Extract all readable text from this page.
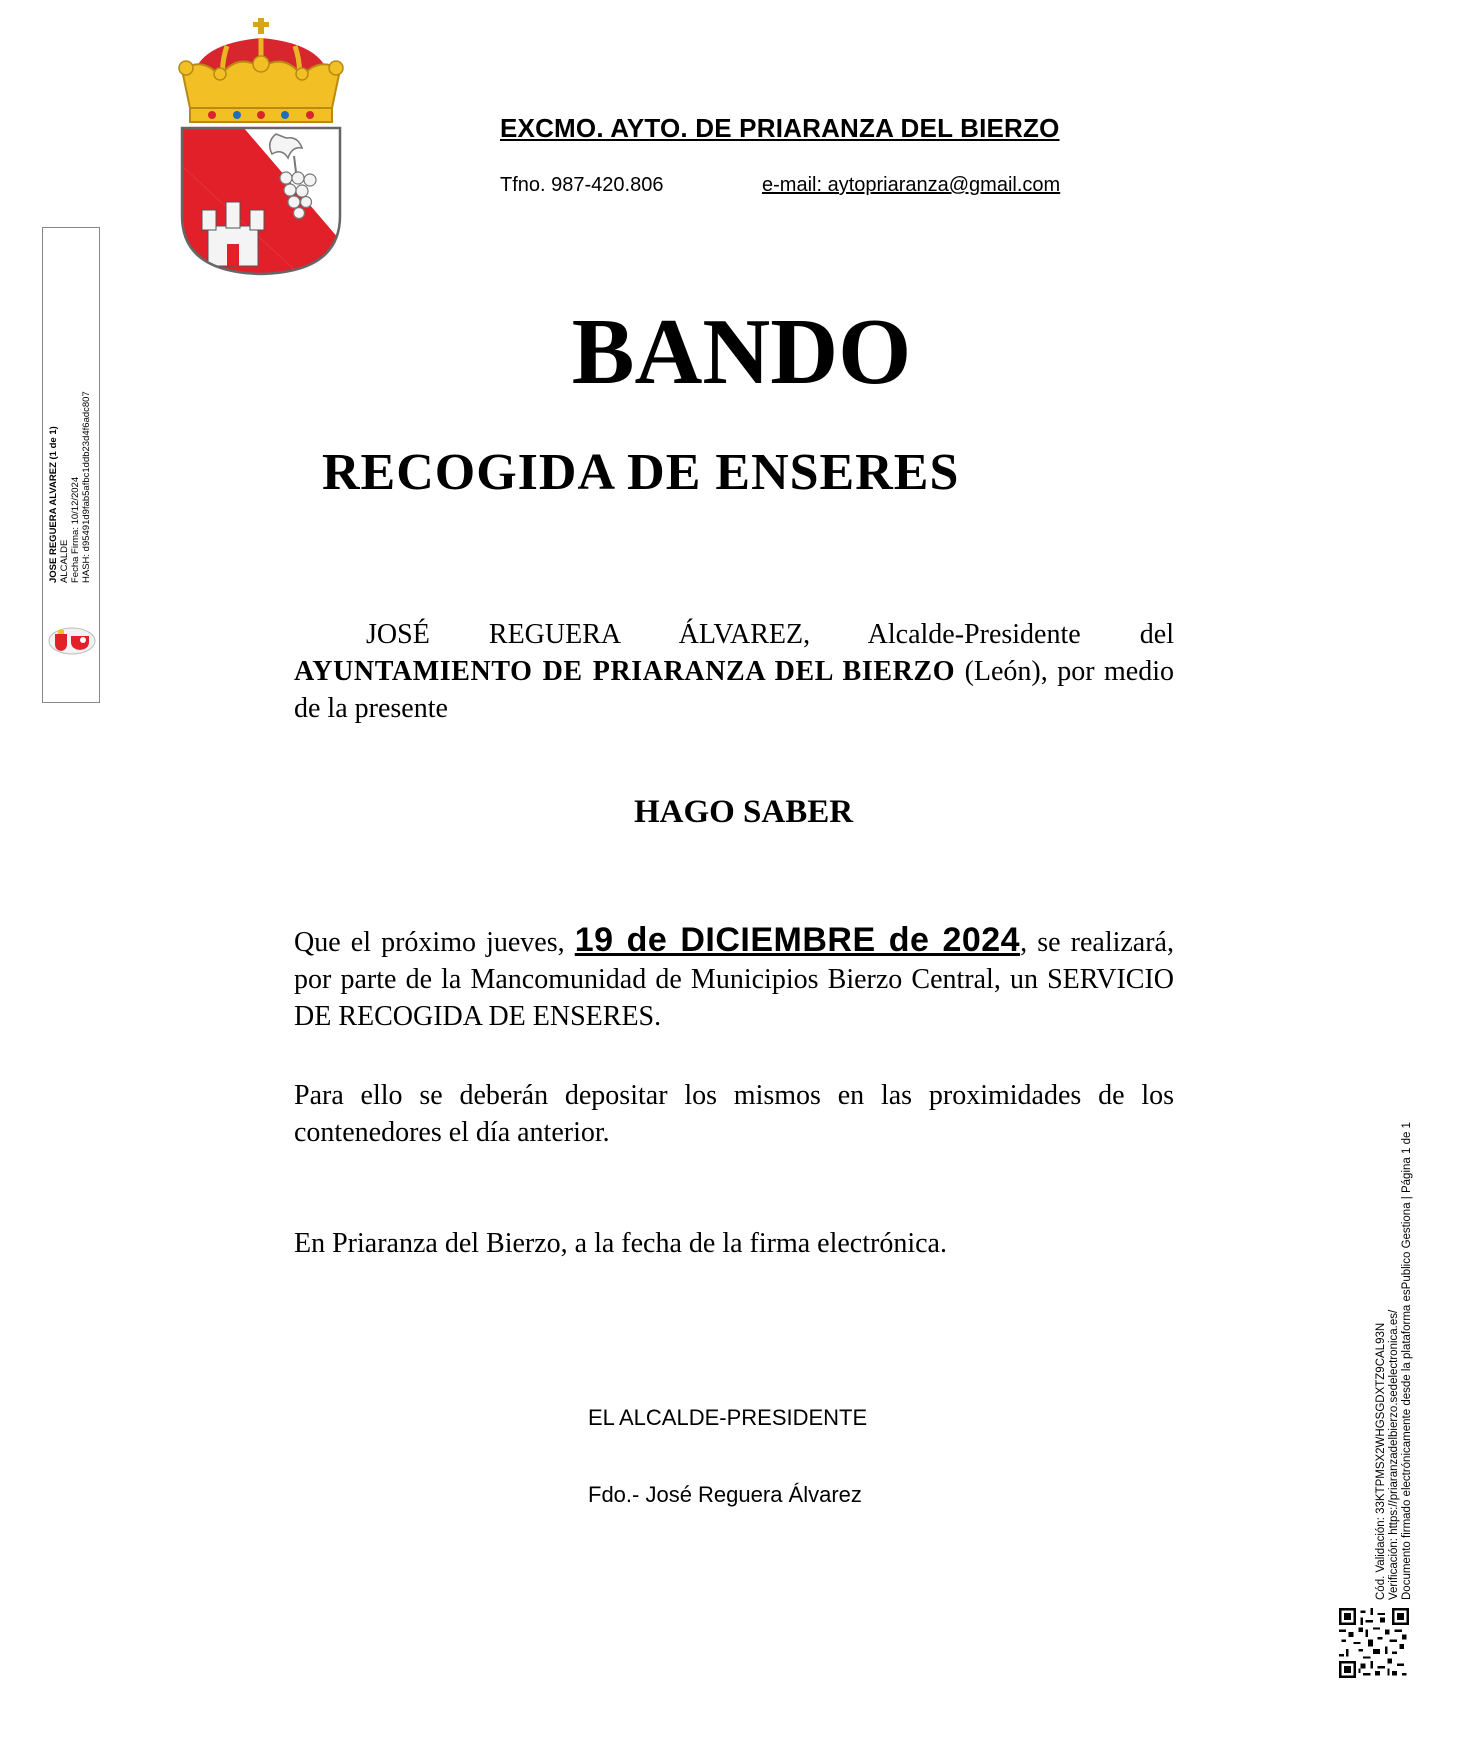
EXCMO. AYTO. DE PRIARANZA DEL BIERZO
Tfno. 987-420.806	e-mail: aytopriaranza@gmail.com
BANDO
RECOGIDA DE ENSERES
JOSÉ REGUERA ÁLVAREZ, Alcalde-Presidente del AYUNTAMIENTO DE PRIARANZA DEL BIERZO (León), por medio de la presente
HAGO SABER
Que el próximo jueves, 19 de DICIEMBRE de 2024, se realizará, por parte de la Mancomunidad de Municipios Bierzo Central, un SERVICIO DE RECOGIDA DE ENSERES.
Para ello se deberán depositar los mismos en las proximidades de los contenedores el día anterior.
En Priaranza del Bierzo, a la fecha de la firma electrónica.
EL ALCALDE-PRESIDENTE
Fdo.- José Reguera Álvarez
JOSE REGUERA ALVAREZ (1 de 1) ALCALDE Fecha Firma: 10/12/2024 HASH: d95491d9fab5afbc1ddb23d4f6adc807
Cód. Validación: 33KTPMSX2WHGSGDXTZ9CAL93N Verificación: https://priaranzadelbierzo.sedelectronica.es/ Documento firmado electrónicamente desde la plataforma esPublico Gestiona | Página 1 de 1
